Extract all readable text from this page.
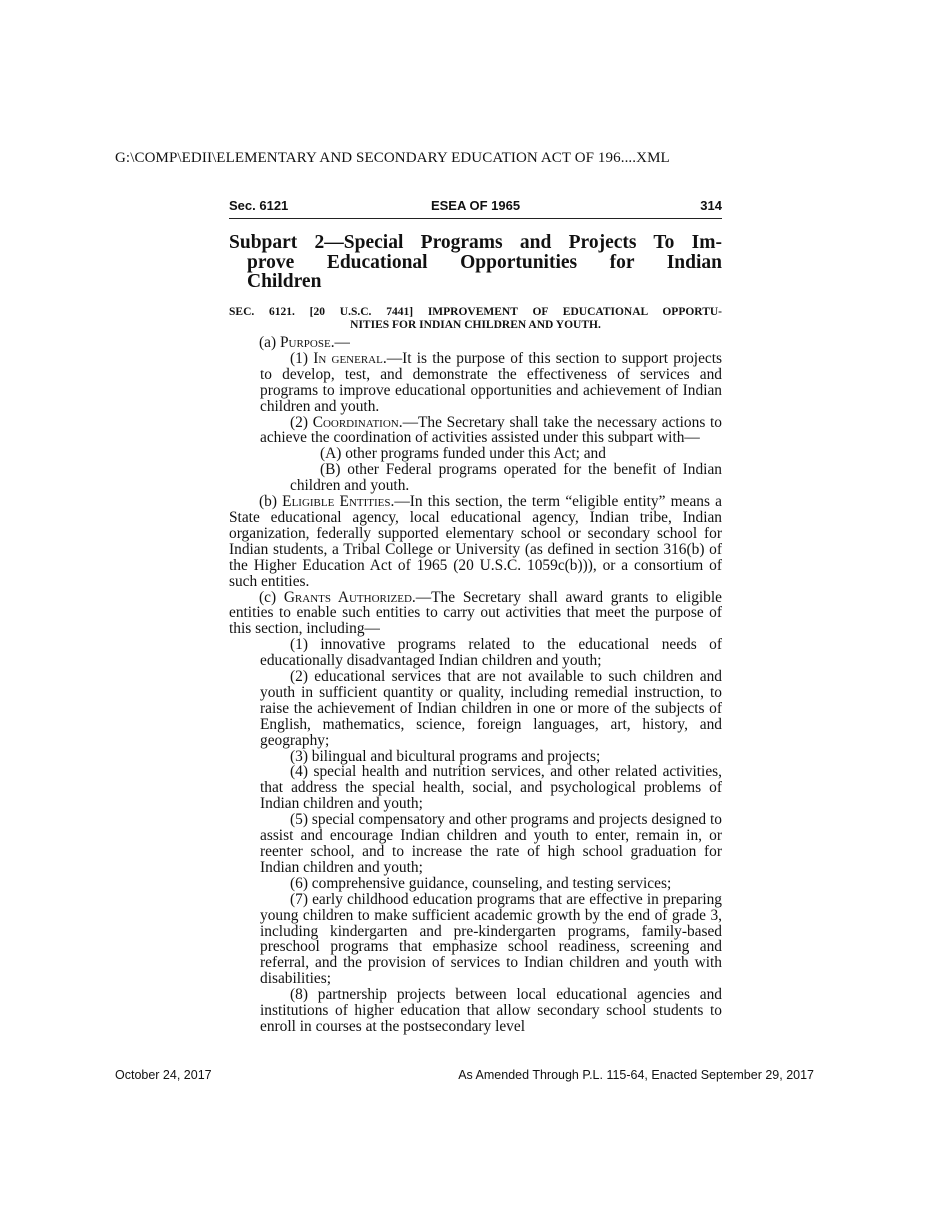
G:\COMP\EDII\ELEMENTARY AND SECONDARY EDUCATION ACT OF 196....XML
Sec. 6121	ESEA OF 1965	314
Subpart 2—Special Programs and Projects To Im-
prove Educational Opportunities for Indian
Children
SEC. 6121. [20 U.S.C. 7441] IMPROVEMENT OF EDUCATIONAL OPPORTU-
NITIES FOR INDIAN CHILDREN AND YOUTH.

(a) Purpose.—

(1) In general.—It is the purpose of this section to support projects to develop, test, and demonstrate the effectiveness of services and programs to improve educational opportunities and achievement of Indian children and youth.

(2) Coordination.—The Secretary shall take the necessary actions to achieve the coordination of activities assisted under this subpart with—

(A) other programs funded under this Act; and

(B) other Federal programs operated for the benefit of Indian children and youth.

(b) Eligible Entities.—In this section, the term “eligible entity” means a State educational agency, local educational agency, Indian tribe, Indian organization, federally supported elementary school or secondary school for Indian students, a Tribal College or University (as defined in section 316(b) of the Higher Education Act of 1965 (20 U.S.C. 1059c(b))), or a consortium of such entities.

(c) Grants Authorized.—The Secretary shall award grants to eligible entities to enable such entities to carry out activities that meet the purpose of this section, including—

(1) innovative programs related to the educational needs of educationally disadvantaged Indian children and youth;

(2) educational services that are not available to such children and youth in sufficient quantity or quality, including remedial instruction, to raise the achievement of Indian children in one or more of the subjects of English, mathematics, science, foreign languages, art, history, and geography;

(3) bilingual and bicultural programs and projects;

(4) special health and nutrition services, and other related activities, that address the special health, social, and psychological problems of Indian children and youth;

(5) special compensatory and other programs and projects designed to assist and encourage Indian children and youth to enter, remain in, or reenter school, and to increase the rate of high school graduation for Indian children and youth;

(6) comprehensive guidance, counseling, and testing services;

(7) early childhood education programs that are effective in preparing young children to make sufficient academic growth by the end of grade 3, including kindergarten and pre-kindergarten programs, family-based preschool programs that emphasize school readiness, screening and referral, and the provision of services to Indian children and youth with disabilities;

(8) partnership projects between local educational agencies and institutions of higher education that allow secondary school students to enroll in courses at the postsecondary level

October 24, 2017	As Amended Through P.L. 115-64, Enacted September 29, 2017
